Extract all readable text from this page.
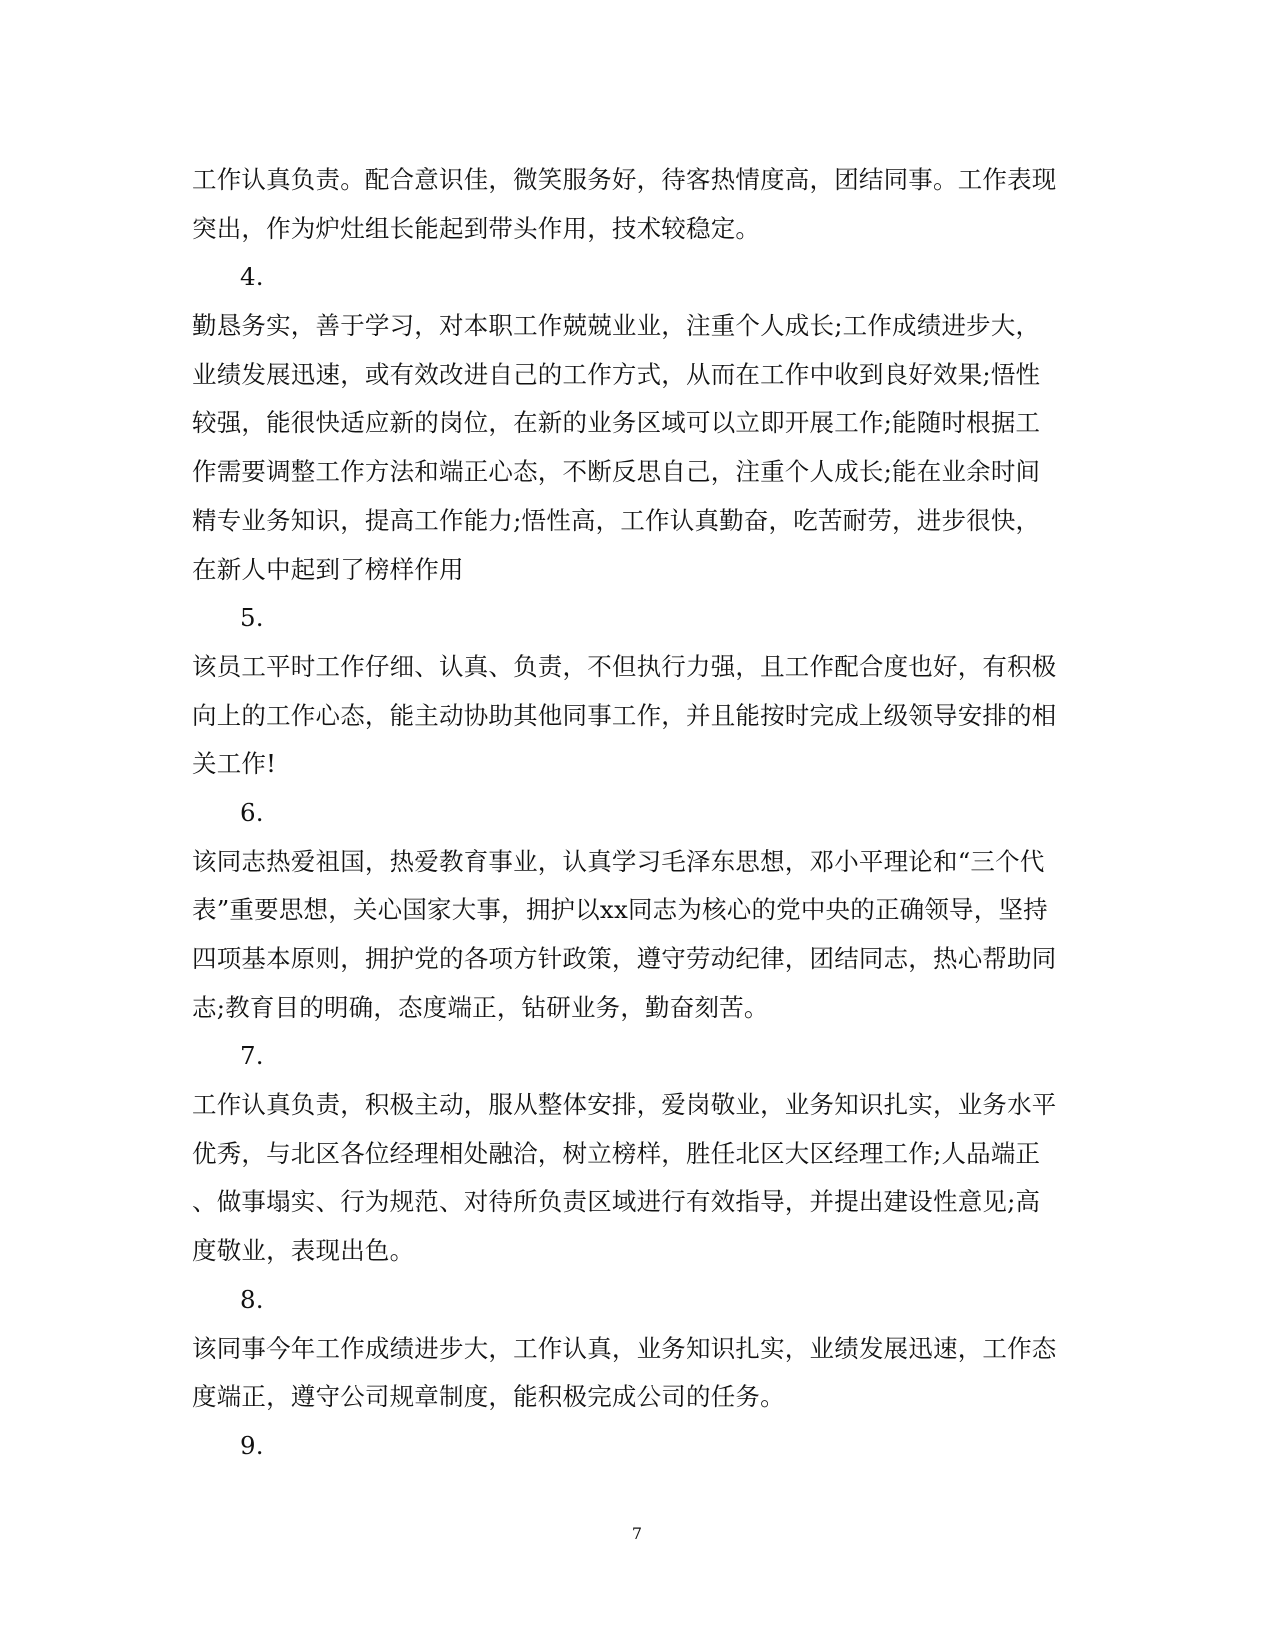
工作认真负责。配合意识佳，微笑服务好，待客热情度高，团结同事。工作表现
突出，作为炉灶组长能起到带头作用，技术较稳定。
4.
勤恳务实，善于学习，对本职工作兢兢业业，注重个人成长;工作成绩进步大，
业绩发展迅速，或有效改进自己的工作方式，从而在工作中收到良好效果;悟性
较强，能很快适应新的岗位，在新的业务区域可以立即开展工作;能随时根据工
作需要调整工作方法和端正心态，不断反思自己，注重个人成长;能在业余时间
精专业务知识，提高工作能力;悟性高，工作认真勤奋，吃苦耐劳，进步很快，
在新人中起到了榜样作用
5.
该员工平时工作仔细、认真、负责，不但执行力强，且工作配合度也好，有积极
向上的工作心态，能主动协助其他同事工作，并且能按时完成上级领导安排的相
关工作!
6.
该同志热爱祖国，热爱教育事业，认真学习毛泽东思想，邓小平理论和“三个代
表”重要思想，关心国家大事，拥护以xx同志为核心的党中央的正确领导，坚持
四项基本原则，拥护党的各项方针政策，遵守劳动纪律，团结同志，热心帮助同
志;教育目的明确，态度端正，钻研业务，勤奋刻苦。
7.
工作认真负责，积极主动，服从整体安排，爱岗敬业，业务知识扎实，业务水平
优秀，与北区各位经理相处融洽，树立榜样，胜任北区大区经理工作;人品端正
、做事塌实、行为规范、对待所负责区域进行有效指导，并提出建设性意见;高
度敬业，表现出色。
8.
该同事今年工作成绩进步大，工作认真，业务知识扎实，业绩发展迅速，工作态
度端正，遵守公司规章制度，能积极完成公司的任务。
9.
7
